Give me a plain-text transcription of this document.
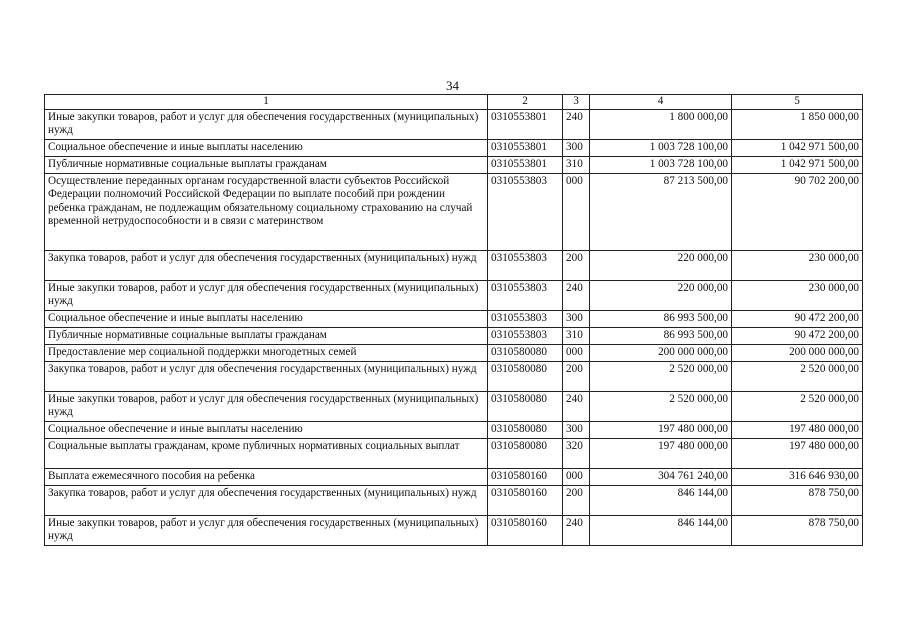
34
1	2	3	4	5
Иные закупки товаров, работ и услуг для обеспечения государственных (муниципальных) нужд	0310553801	240	1 800 000,00	1 850 000,00
Социальное обеспечение и иные выплаты населению	0310553801	300	1 003 728 100,00	1 042 971 500,00
Публичные нормативные социальные выплаты гражданам	0310553801	310	1 003 728 100,00	1 042 971 500,00
Осуществление переданных органам государственной власти субъектов Российской Федерации полномочий Российской Федерации по выплате пособий при рождении ребенка гражданам, не подлежащим обязательному социальному страхованию на случай временной нетрудоспособности и в связи с материнством	0310553803	000	87 213 500,00	90 702 200,00
Закупка товаров, работ и услуг для обеспечения государственных (муниципальных) нужд	0310553803	200	220 000,00	230 000,00
Иные закупки товаров, работ и услуг для обеспечения государственных (муниципальных) нужд	0310553803	240	220 000,00	230 000,00
Социальное обеспечение и иные выплаты населению	0310553803	300	86 993 500,00	90 472 200,00
Публичные нормативные социальные выплаты гражданам	0310553803	310	86 993 500,00	90 472 200,00
Предоставление мер социальной поддержки многодетных семей	0310580080	000	200 000 000,00	200 000 000,00
Закупка товаров, работ и услуг для обеспечения государственных (муниципальных) нужд	0310580080	200	2 520 000,00	2 520 000,00
Иные закупки товаров, работ и услуг для обеспечения государственных (муниципальных) нужд	0310580080	240	2 520 000,00	2 520 000,00
Социальное обеспечение и иные выплаты населению	0310580080	300	197 480 000,00	197 480 000,00
Социальные выплаты гражданам, кроме публичных нормативных социальных выплат	0310580080	320	197 480 000,00	197 480 000,00
Выплата ежемесячного пособия на ребенка	0310580160	000	304 761 240,00	316 646 930,00
Закупка товаров, работ и услуг для обеспечения государственных (муниципальных) нужд	0310580160	200	846 144,00	878 750,00
Иные закупки товаров, работ и услуг для обеспечения государственных (муниципальных) нужд	0310580160	240	846 144,00	878 750,00
